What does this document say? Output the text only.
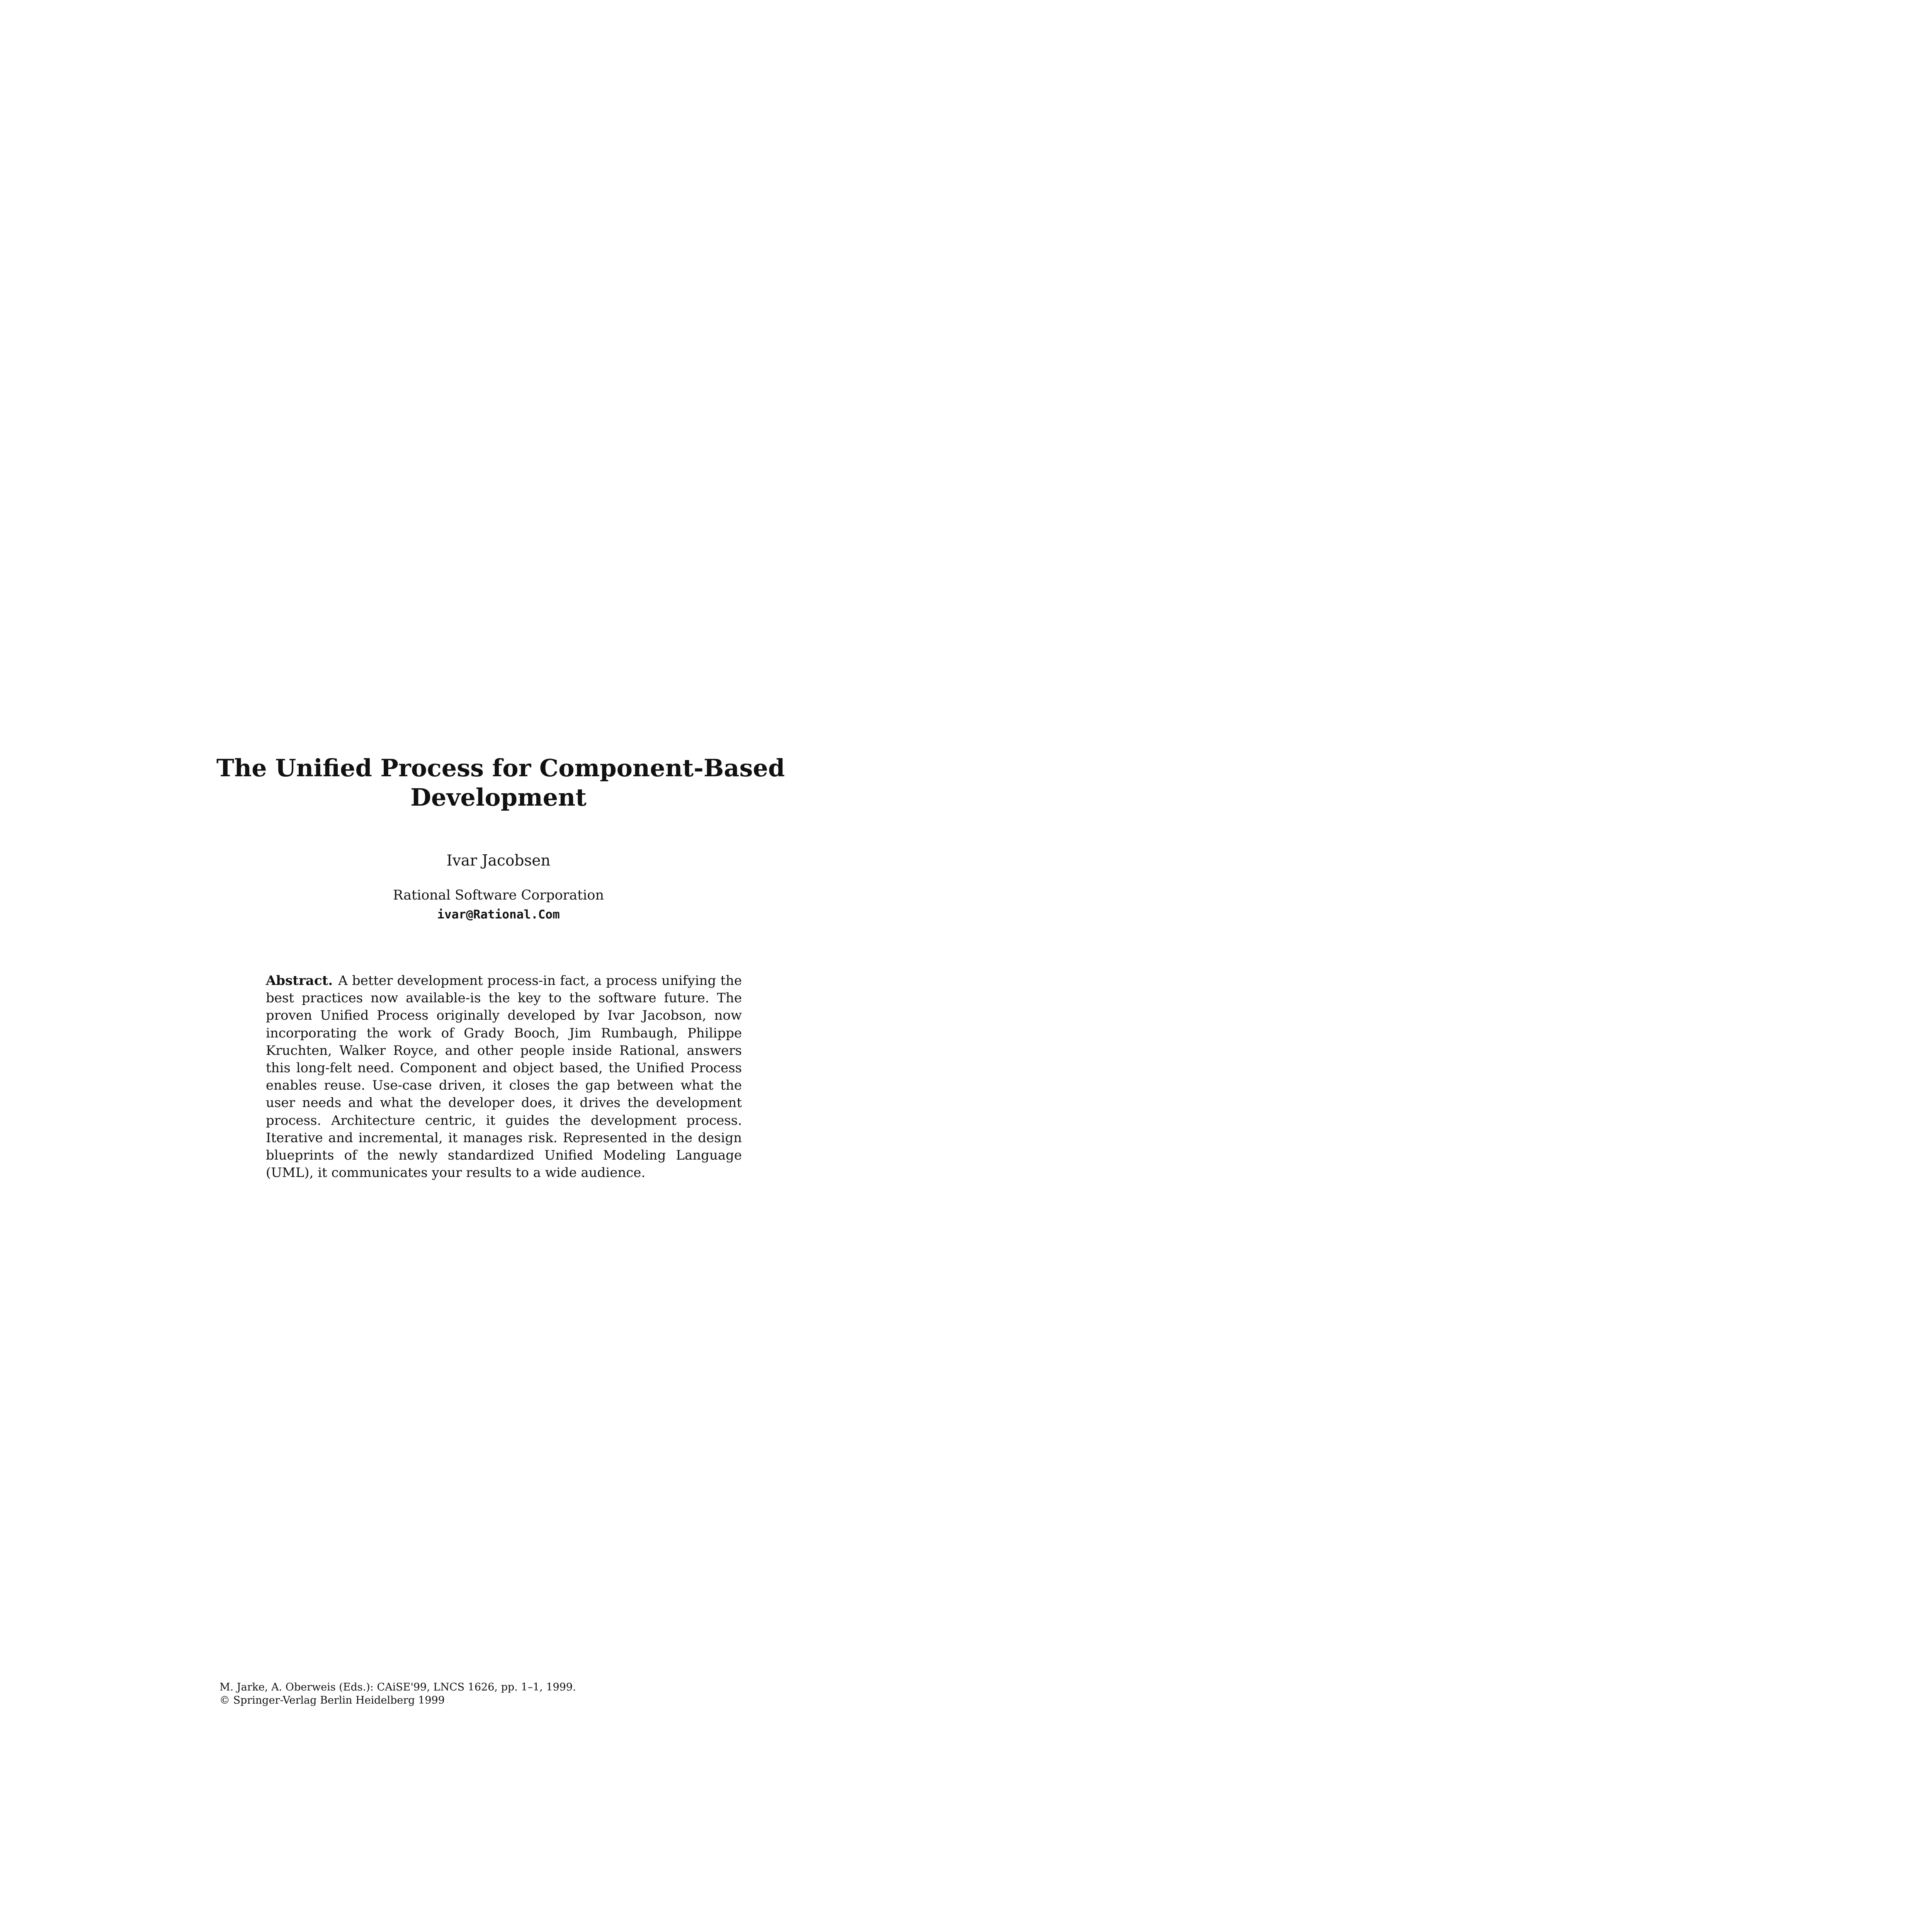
The Unified Process for Component-Based
Development
Ivar Jacobsen
Rational Software Corporation
ivar@Rational.Com

Abstract. A better development process-in fact, a process unifying the best practices now available-is the key to the software future. The proven Unified Process originally developed by Ivar Jacobson, now incorporating the work of Grady Booch, Jim Rumbaugh, Philippe Kruchten, Walker Royce, and other people inside Rational, answers this long-felt need. Component and object based, the Unified Process enables reuse. Use-case driven, it closes the gap between what the user needs and what the developer does, it drives the development process. Architecture centric, it guides the development process. Iterative and incremental, it manages risk. Represented in the design blueprints of the newly standardized Unified Modeling Language (UML), it communicates your results to a wide audience.

M. Jarke, A. Oberweis (Eds.): CAiSE'99, LNCS 1626, pp. 1–1, 1999.
© Springer-Verlag Berlin Heidelberg 1999
